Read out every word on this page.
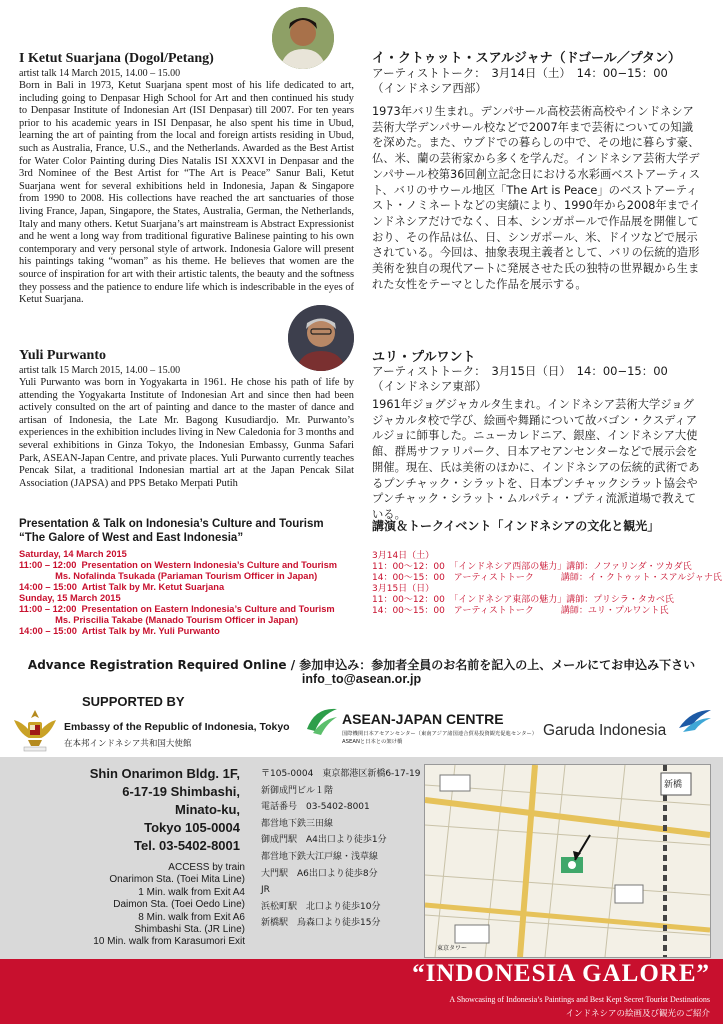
I Ketut Suarjana (Dogol/Petang)
artist talk 14 March 2015, 14.00 – 15.00
Born in Bali in 1973, Ketut Suarjana spent most of his life dedicated to art, including going to Denpasar High School for Art and then continued his study to Denpasar Institute of Indonesian Art (ISI Denpasar) till 2007. For ten years prior to his academic years in ISI Denpasar, he also spent his time in Ubud, learning the art of painting from the local and foreign artists residing in Ubud, such as Australia, France, U.S., and the Netherlands. Awarded as the Best Artist for Water Color Painting during Dies Natalis ISI XXXVI in Denpasar and the 3rd Nominee of the Best Artist for “The Art is Peace” Sanur Bali, Ketut Suarjana went for several exhibitions held in Indonesia, Japan & Singapore from 1990 to 2008. His collections have reached the art sanctuaries of those living France, Japan, Singapore, the States, Australia, German, the Netherlands, Italy and many others. Ketut Suarjana’s art mainstream is Abstract Expressionist and he went a long way from traditional figurative Balinese painting to his own contemporary and very personal style of artwork. Indonesia Galore will present his paintings taking “woman” as his theme. He believes that women are the source of inspiration for art with their artistic talents, the beauty and the softness they possess and the patience to endure life which is indescribable in the eyes of Ketut Suarjana.
イ・クトゥット・スアルジャナ（ドゴール／プタン）
アーティストトーク：　3月14日（土）　14：00−15：00
（インドネシア西部）
1973年バリ生まれ。デンパサール高校芸術高校やインドネシア芸術大学デンパサール校などで2007年まで芸術についての知識を深めた。また、ウブドでの暮らしの中で、その地に暮らす豪、仏、米、蘭の芸術家から多くを学んだ。インドネシア芸術大学デンパサール校第36回創立記念日における水彩画ベストアーティスト、バリのサウール地区「The Art is Peace」のベストアーティスト・ノミネートなどの実績により、1990年から2008年までインドネシアだけでなく、日本、シンガポールで作品展を開催しており、その作品は仏、日、シンガポール、米、ドイツなどで展示されている。今回は、抽象表現主義者として、バリの伝統的造形美術を独自の現代アートに発展させた氏の独特の世界観から生まれた女性をテーマとした作品を展示する。
Yuli Purwanto
artist talk 15 March 2015, 14.00 – 15.00
Yuli Purwanto was born in Yogyakarta in 1961. He chose his path of life by attending the Yogyakarta Institute of Indonesian Art and since then had been actively consulted on the art of painting and dance to the master of dance and artisan of Indonesia, the Late Mr. Bagong Kusudiardjo. Mr. Purwanto’s experiences in the exhibition includes living in New Caledonia for 3 months and several exhibitions in Ginza Tokyo, the Indonesian Embassy, Gunma Safari Park, ASEAN-Japan Centre, and private places. Yuli Purwanto currently teaches Pencak Silat, a traditional Indonesian martial art at the Japan Pencak Silat Association (JAPSA) and PPS Betako Merpati Putih
ユリ・プルワント
アーティストトーク：　3月15日（日）　14：00−15：00
（インドネシア東部）
1961年ジョグジャカルタ生まれ。インドネシア芸術大学ジョグジャカルタ校で学び、絵画や舞踊について故バゴン・クスディアルジョに師事した。ニューカレドニア、銀座、インドネシア大使館、群馬サファリパーク、日本アセアンセンターなどで展示会を開催。現在、氏は美術のほかに、インドネシアの伝統的武術であるプンチャック・シラットを、日本プンチャックシラット協会やプンチャック・シラット・ムルパティ・プティ流派道場で教えている。
Presentation & Talk on Indonesia’s Culture and Tourism
“The Galore of West and East Indonesia”
Saturday, 14 March 2015
11:00 – 12:00  Presentation on Western Indonesia’s Culture and Tourism
Ms. Nofalinda Tsukada (Pariaman Tourism Officer in Japan)
14:00 – 15:00  Artist Talk by Mr. Ketut Suarjana
Sunday, 15 March 2015
11:00 – 12:00  Presentation on Eastern Indonesia’s Culture and Tourism
Ms. Priscilia Takabe (Manado Tourism Officer in Japan)
14:00 – 15:00  Artist Talk by Mr. Yuli Purwanto
講演＆トークイベント「インドネシアの文化と観光」
3月14日（土）
11：00〜12：00　「インドネシア西部の魅力」講師：ノファリンダ・ツカダ氏
14：00〜15：00　アーティストトーク　　　講師：イ・クトゥット・スアルジャナ氏
3月15日（日）
11：00〜12：00　「インドネシア東部の魅力」講師：プリシラ・タカベ氏
14：00〜15：00　アーティストトーク　　　講師：ユリ・プルワント氏
Advance Registration Required Online / 参加申込み：参加者全員のお名前を記入の上、メールにてお申込み下さい
info_to@asean.or.jp
SUPPORTED BY
Embassy of the Republic of Indonesia, Tokyo
在本邦インドネシア共和国大使館
ASEAN-JAPAN CENTRE
国際機関日本アセアンセンター（東南アジア諸国連合貿易投資観光促進センター）
ASEANと日本との架け橋
Garuda Indonesia
Shin Onarimon Bldg. 1F,
6-17-19 Shimbashi,
Minato-ku,
Tokyo 105-0004
Tel. 03-5402-8001
ACCESS by train
Onarimon Sta. (Toei Mita Line)
1 Min. walk from Exit A4
Daimon Sta. (Toei Oedo Line)
8 Min. walk from Exit A6
Shimbashi Sta. (JR Line)
10 Min. walk from Karasumori Exit
〒105-0004　東京都港区新橋6-17-19
新御成門ビル１階
電話番号　03-5402-8001
都営地下鉄三田線
御成門駅　A4出口より徒歩1分
都営地下鉄大江戸線・浅草線
大門駅　A6出口より徒歩8分
JR
浜松町駅　北口より徒歩10分
新橋駅　烏森口より徒歩15分
新橋
東京タワー
“INDONESIA GALORE”
A Showcasing of Indonesia’s Paintings and Best Kept Secret Tourist Destinations
インドネシアの絵画及び観光のご紹介
